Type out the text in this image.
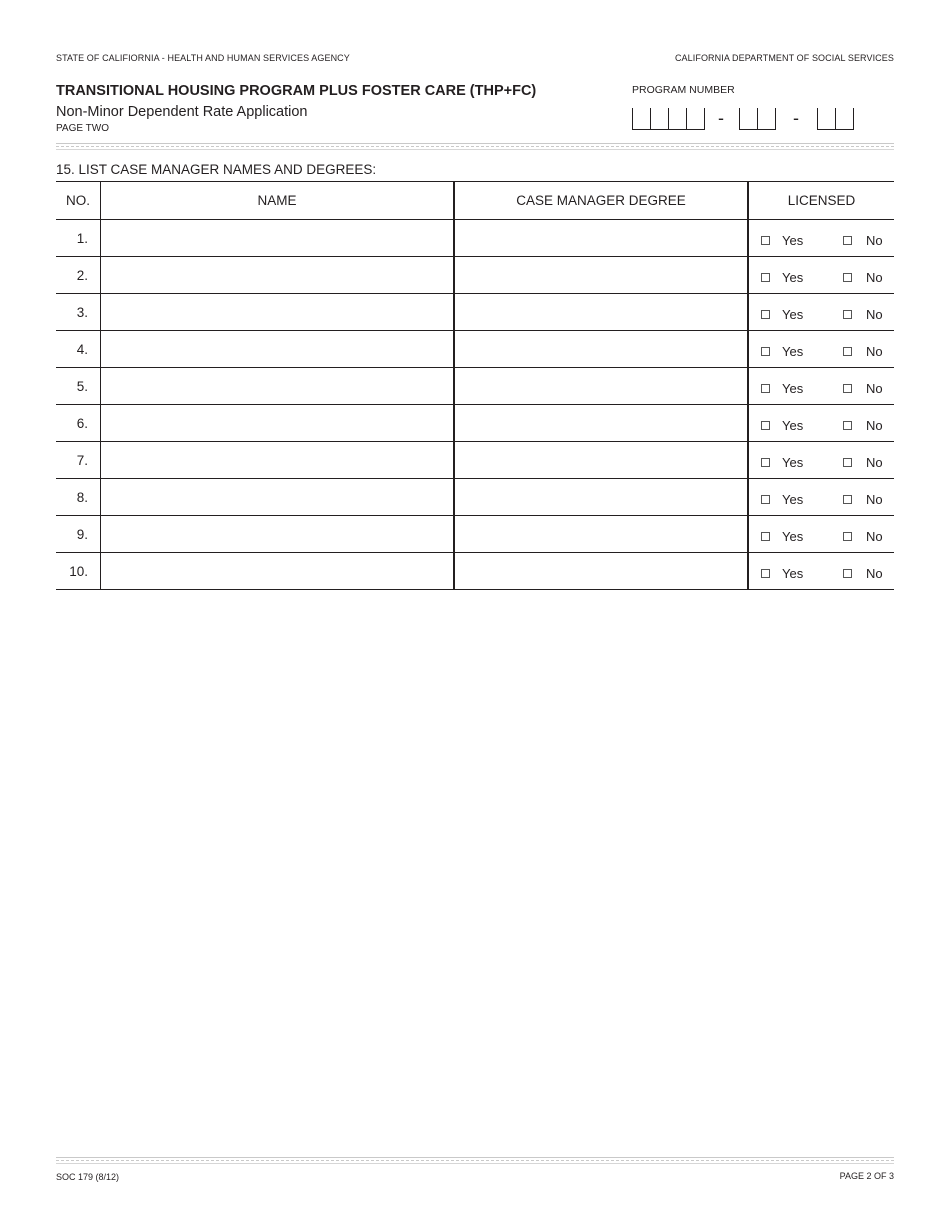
STATE OF CALIFIORNIA - HEALTH AND HUMAN SERVICES AGENCY	CALIFORNIA DEPARTMENT OF SOCIAL SERVICES
TRANSITIONAL HOUSING PROGRAM PLUS FOSTER CARE (THP+FC)
Non-Minor Dependent Rate Application
PAGE TWO
PROGRAM NUMBER
-	-
15. LIST CASE MANAGER NAMES AND DEGREES:
NO.	NAME	CASE MANAGER DEGREE	LICENSED
1.			Yes No

2.			Yes No

3.			Yes No

4.			Yes No

5.			Yes No

6.			Yes No

7.			Yes No

8.			Yes No

9.			Yes No

10.			Yes No
SOC 179 (8/12)	PAGE 2 OF 3
